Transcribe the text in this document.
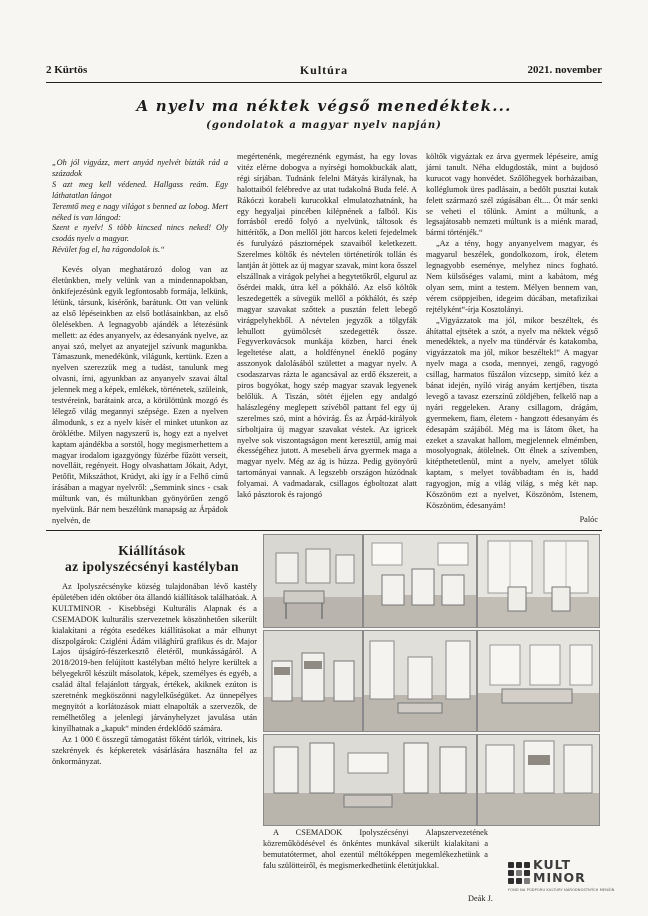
2 Kürtös	Kultúra	2021. november
A nyelv ma néktek végső menedéktek...
(gondolatok a magyar nyelv napján)
„Oh jól vigyázz, mert anyád nyelvét bízták rád a századok
S azt meg kell védened. Hallgass reám. Egy láthatatlan lángot
Teremtő meg e nagy világot s benned az lobog. Mert néked is van lángod:
Szent e nyelv! S több kincsed nincs neked! Oly csodás nyelv a magyar.
Révület fog el, ha rágondolok is.“

Kevés olyan meghatározó dolog van az életünkben, mely velünk van a mindennapokban, önkifejezésünk egyik legfontosabb formája, lelkünk, létünk, társunk, kísérőnk, barátunk. Ott van velünk az első lépéseinkben az első botlásainkban, az első ölelésekben. A legnagyobb ajándék a létezésünk mellett: az édes anyanyelv, az édesanyánk nyelve, az anyai szó, melyet az anyatejjel szívunk magunkba. Támaszunk, menedékünk, világunk, kertünk. Ezen a nyelven szerezzük meg a tudást, tanulunk meg olvasni, írni, agyunkban az anyanyelv szavai által jelennek meg a képek, emlékek, történetek, szüleink, testvéreink, barátaink arca, a körülöttünk mozgó és lélegző világ megannyi szépsége. Ezen a nyelven álmodunk, s ez a nyelv kísér el minket utunkon az öröklétbe. Milyen nagyszerű is, hogy ezt a nyelvet kaptam ajándékba a sorstól, hogy megismerhettem a magyar irodalom igazgyöngy füzérbe fűzött verseit, novelláit, regényeit. Hogy olvashattam Jókait, Adyt, Petőfit, Mikszáthot, Krúdyt, aki így ír a Felhő című írásában a magyar nyelvről: „Semmink sincs - csak múltunk van, és múltunkban gyönyörűen zengő nyelvünk. Bár nem beszélünk manapság az Árpádok nyelvén, de

megértenénk, megéreznénk egymást, ha egy lovas vitéz elérne dobogva a nyírségi homokbuckák alatt, régi sírjában. Tudnánk felelni Mátyás királynak, ha halottaiból felébredve az utat tudakolná Buda felé. A Rákóczi korabeli kurucokkal elmulatozhatnánk, ha egy hegyaljai pincében kilépnének a falból. Kis forrásból eredő folyó a nyelvünk, táltosok és hittérítők, a Don mellől jött harcos keleti fejedelmek és furulyázó pásztornépek szavaiból keletkezett. Szerelmes költők és névtelen történetírók tollán és lantján át jöttek az új magyar szavak, mint kora ősszel elszállnak a virágok pelyhei a hegytetőkről, elgurul az ősérdei makk, útra kél a pókháló. Az első költők leszedegették a süvegük mellől a pókhálót, és szép magyar szavakat szőttek a pusztán felett lebegő virágpelyhekből. A névtelen jegyzők a tölgyfák lehullott gyümölcsét szedegették össze. Fegyverkovácsok munkája közben, harci ének legeltetése alatt, a holdfénynel éneklő pogány asszonyok dalolásából születtet a magyar nyelv. A csodaszarvas rázta le agancsával az erdő ékszereit, a piros bogyókat, hogy szép magyar szavak legyenek belőlük. A Tiszán, sötét éjjelen egy andalgó halászlegény meglepett szívéből pattant fel egy új szerelmes szó, mint a hóvirág. És az Árpád-királyok sírboltjaira új magyar szavakat véstek. Az igricek nyelve sok viszontagságon ment keresztül, amíg mai ékességéhez jutott. A mesebeli árva gyermek maga a magyar nyelv. Még az ág is húzza. Pedig gyönyörű tartományai vannak. A legszebb országon húzódnak folyamai. A vadmadarak, csillagos égboltozat alatt lakó pásztorok és rajongó

költők vigyáztak ez árva gyermek lépéseire, amíg járni tanult. Néha eldugdosták, mint a bujdosó kurucot vagy honvédet. Szőlőhegyek borházaiban, kolléglumok üres padlásain, a bedőlt pusztai kutak felett származó szél zúgásában élt.... Ót már senki se veheti el tőlünk. Amint a múltunk, a legsajátosabb nemzeti múltunk is a miénk marad, bármi történjék.“

„Az a tény, hogy anyanyelvem magyar, és magyarul beszélek, gondolkozom, írok, életem legnagyobb eseménye, melyhez nincs fogható. Nem külsőséges valami, mint a kabátom, még olyan sem, mint a testem. Mélyen bennem van, vérem csöppjeiben, idegeim dúcában, metafizikai rejtélyként“-írja Kosztolányi.

„Vigyázzatok ma jól, mikor beszéltek, és áhítattal ejtsétek a szót, a nyelv ma néktek végső menedéktek, a nyelv ma tündérvár és katakomba, vigyázzatok ma jól, mikor beszéltek!“ A magyar nyelv maga a csoda, mennyei, zengő, ragyogó csillag, harmatos fűszálon vízcsepp, simító kéz a bánat idején, nyíló virág anyám kertjében, tiszta levegő a tavasz ezerszínű zöldjében, felkelő nap a nyári reggeleken. Arany csillagom, drágám, gyermekem, fiam, életem - hangzott édesanyám és édesapám szájából. Még ma is látom őket, ha ezeket a szavakat hallom, megjelennek elmémben, mosolyognak, átölelnek. Ott élnek a szívemben, kitépthetetlenül, mint a nyelv, amelyet tőlük kaptam, s melyet továbbadtam én is, hadd ragyogjon, míg a világ világ, s még két nap. Köszönöm ezt a nyelvet, Köszönöm, Istenem, Köszönöm, édesanyám!

Palóc
Kiállítások
az ipolyszécsényi kastélyban

Az Ipolyszécsényke község tulajdonában lévő kastély épületében idén október óta állandó kiállítások találhatóak. A KULTMINOR - Kisebbségi Kulturális Alapnak és a CSEMADOK kulturális szervezetnek köszönhetően sikerült kialakítani a régóta esedékes kiállításokat a már elhunyt díszpolgárok: Czigléni Ádám világhírű grafikus és dr. Major Lajos újságíró-fészerkesztő életéről, munkásságáról. A 2018/2019-ben felújított kastélyban méltó helyre kerültek a bélyegekről készült másolatok, képek, személyes és egyéb, a család által felajánlott tárgyak, értékek, akiknek ezúton is szeretnénk megköszönni nagylelkűségüket. Az ünnepélyes megnyitót a korlátozások miatt elnapolták a szervezők, de remélhetőleg a jelenlegi járványhelyzet javulása után kinyílhatnak a „kapuk“ minden érdeklődő számára.

Az 1 000 € összegű támogatást főként tárlók, vitrinek, kis szekrények és képkeretek vásárlására használta fel az önkormányzat.

A CSEMADOK Ipolyszécsényi Alapszervezetének közreműködésével és önkéntes munkával sikerült kialakítani a bemutatótermet, ahol ezentúl méltóképpen megemlékezhetünk a falu szülötteiről, és megismerkedhetünk életútjukkal.
Deák J.
KULT
MINOR
FOND NA PODPORU KULTÚRY NÁRODNOSTNÝCH MENŠÍN
